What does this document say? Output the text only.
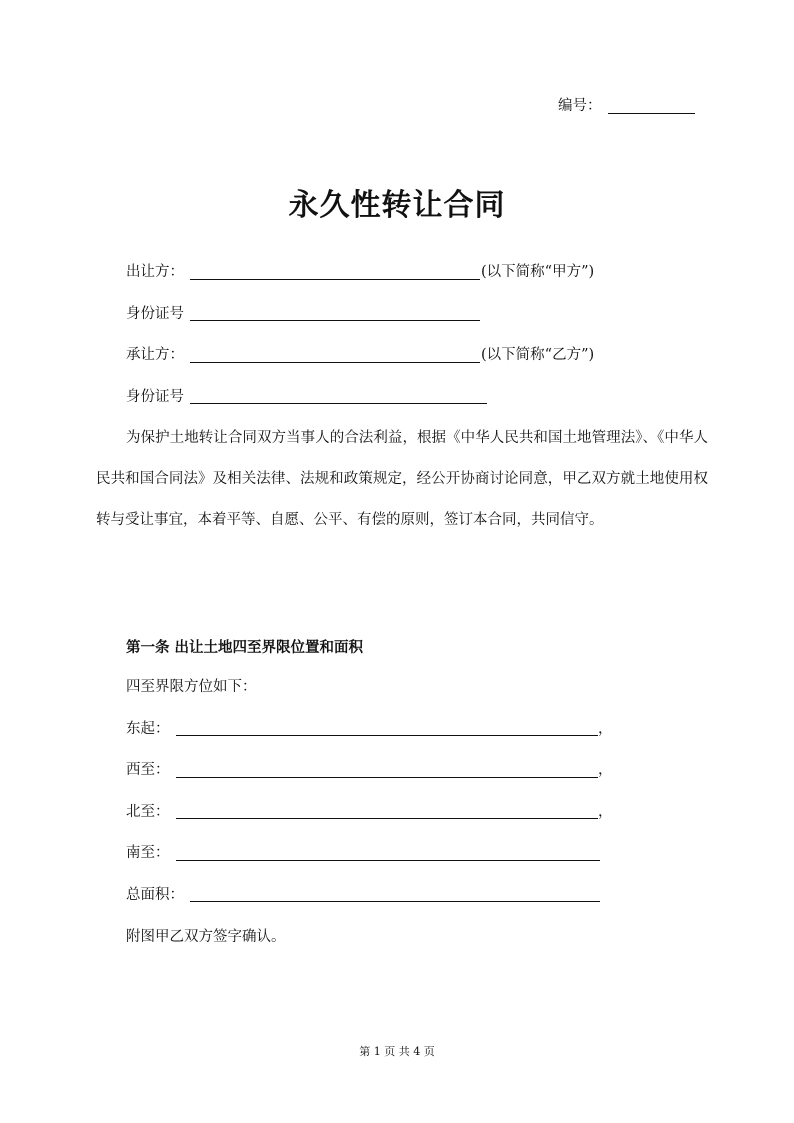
编号：
永久性转让合同
出让方：	(以下简称“甲方”)
身份证号
承让方：	(以下简称“乙方”)
身份证号

为保护土地转让合同双方当事人的合法利益，根据《中华人民共和国土地管理法》、《中华人民共和国合同法》及相关法律、法规和政策规定，经公开协商讨论同意，甲乙双方就土地使用权转与受让事宜，本着平等、自愿、公平、有偿的原则，签订本合同，共同信守。

第一条 出让土地四至界限位置和面积
四至界限方位如下：
东起：	，
西至：	，
北至：	，
南至：
总面积：
附图甲乙双方签字确认。
第 1 页 共 4 页
